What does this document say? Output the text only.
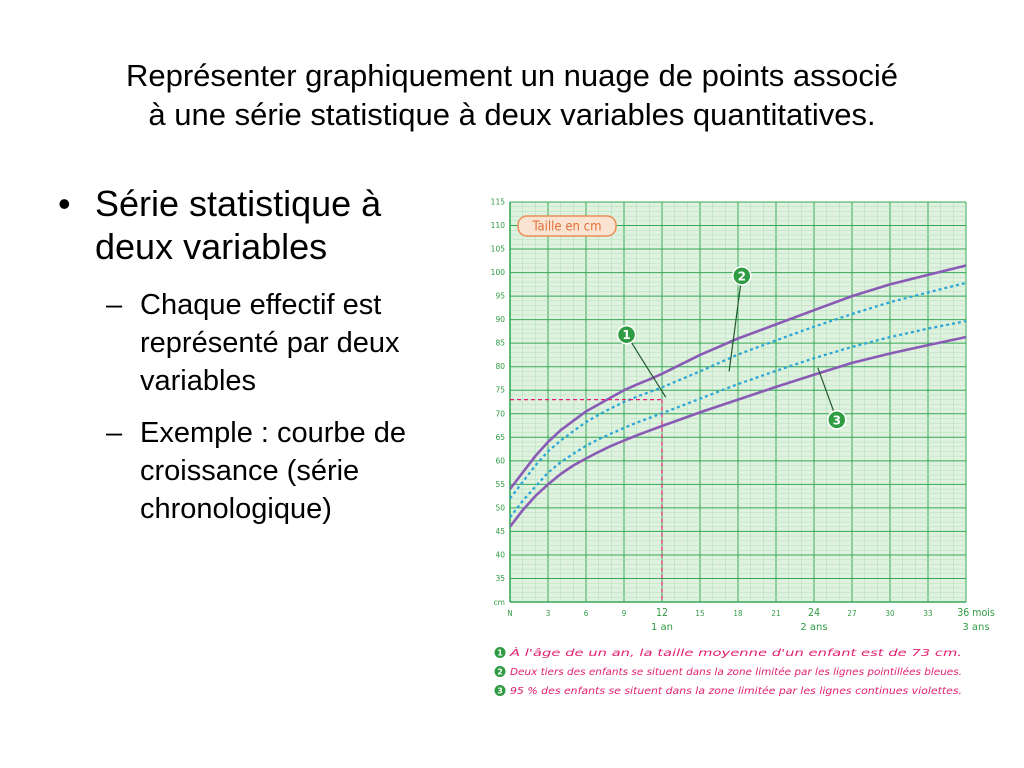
Représenter graphiquement un nuage de points associé
à une série statistique à deux variables quantitatives.
• Série statistique à
deux variables
– Chaque effectif est
représenté par deux
variables
– Exemple : courbe de
croissance (série
chronologique)
35
40
45
50
55
60
65
70
75
80
85
90
95
100
105
110
115
cm
N	3	6	9	12	15	18	21	24	27	30	33 36 mois
1 an	2 ans	3 ans
1
2
3
Taille en cm
1 À l'âge de un an, la taille moyenne d'un enfant est de 73 cm.
2 Deux tiers des enfants se situent dans la zone limitée par les lignes pointillées bleues.
3 95 % des enfants se situent dans la zone limitée par les lignes continues violettes.
